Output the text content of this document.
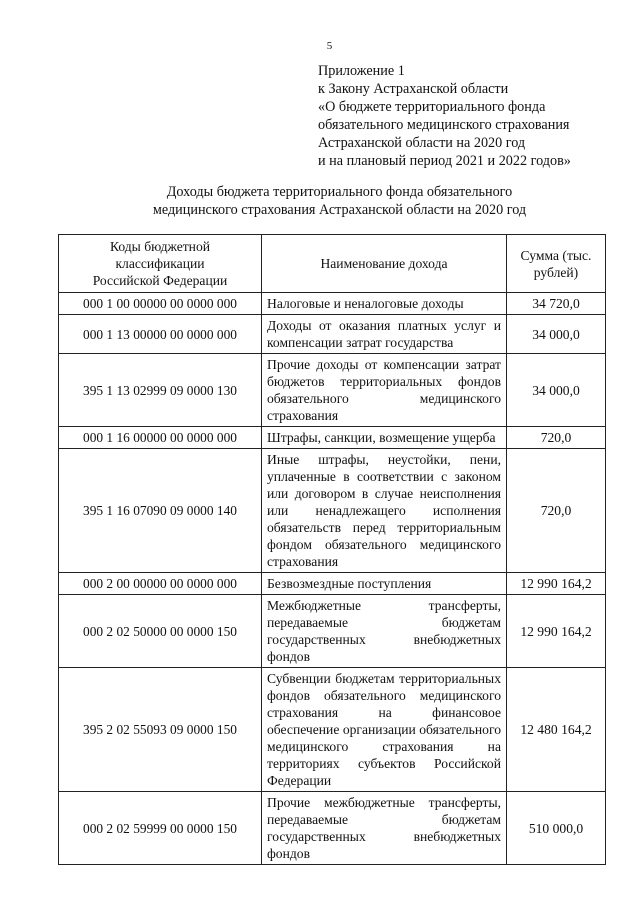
5
Приложение 1
к Закону Астраханской области
«О бюджете территориального фонда
обязательного медицинского страхования
Астраханской области на 2020 год
и на плановый период 2021 и 2022 годов»
Доходы бюджета территориального фонда обязательного
медицинского страхования Астраханской области на 2020 год
Коды бюджетной классификации Российской Федерации	Наименование дохода	Сумма (тыс. рублей)
000 1 00 00000 00 0000 000	Налоговые и неналоговые доходы	34 720,0
000 1 13 00000 00 0000 000	Доходы от оказания платных услуг и компенсации затрат государства	34 000,0
395 1 13 02999 09 0000 130	Прочие доходы от компенсации затрат бюджетов территориальных фондов обязательного медицинского страхования	34 000,0
000 1 16 00000 00 0000 000	Штрафы, санкции, возмещение ущерба	720,0
395 1 16 07090 09 0000 140	Иные штрафы, неустойки, пени, уплаченные в соответствии с законом или договором в случае неисполнения или ненадлежащего исполнения обязательств перед территориальным фондом обязательного медицинского страхования	720,0
000 2 00 00000 00 0000 000	Безвозмездные поступления	12 990 164,2
000 2 02 50000 00 0000 150	Межбюджетные трансферты, передаваемые бюджетам государственных внебюджетных фондов	12 990 164,2
395 2 02 55093 09 0000 150	Субвенции бюджетам территориальных фондов обязательного медицинского страхования на финансовое обеспечение организации обязательного медицинского страхования на территориях субъектов Российской Федерации	12 480 164,2
000 2 02 59999 00 0000 150	Прочие межбюджетные трансферты, передаваемые бюджетам государственных внебюджетных фондов	510 000,0
